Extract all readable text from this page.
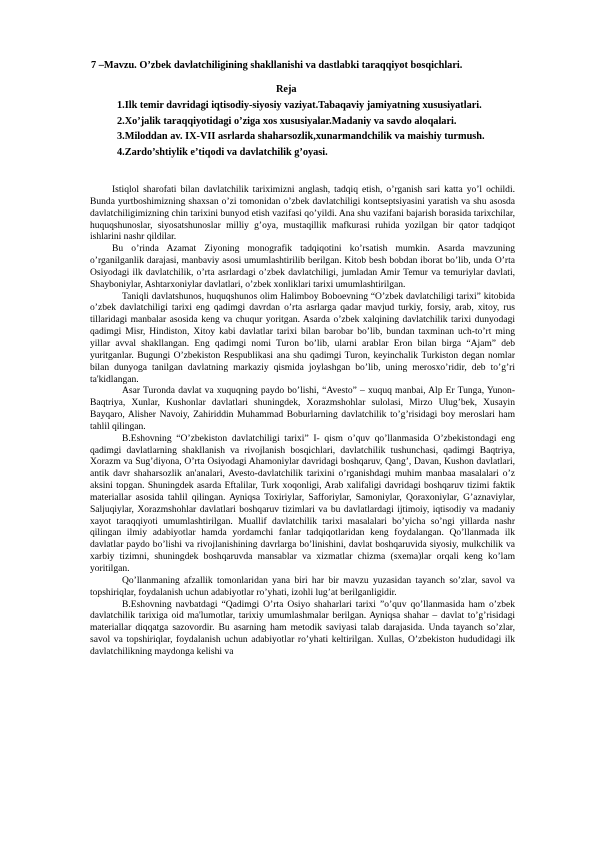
7 –Mavzu. O’zbek davlatchiligining shakllanishi va dastlabki taraqqiyot bosqichlari.
Reja
1.Ilk temir davridagi iqtisodiy-siyosiy vaziyat.Tabaqaviy jamiyatning xususiyatlari.
2.Xo’jalik taraqqiyotidagi o’ziga xos xususiyalar.Madaniy va savdo aloqalari.
3.Miloddan av. IX-VII asrlarda shaharsozlik,xunarmandchilik va maishiy turmush.
4.Zardo’shtiylik e’tiqodi va davlatchilik g’oyasi.

Istiqlol sharofati bilan davlatchilik tariximizni anglash, tadqiq etish, o’rganish sari katta yo’l ochildi. Bunda yurtboshimizning shaxsan o’zi tomonidan o’zbek davlatchiligi kontseptsiyasini yaratish va shu asosda davlatchiligimizning chin tarixini bunyod etish vazifasi qo’yildi. Ana shu vazifani bajarish borasida tarixchilar, huquqshunoslar, siyosatshunoslar milliy g’oya, mustaqillik mafkurasi ruhida yozilgan bir qator tadqiqot ishlarini nashr qildilar.

Bu o’rinda Azamat Ziyoning monografik tadqiqotini ko’rsatish mumkin. Asarda mavzuning o’rganilganlik darajasi, manbaviy asosi umumlashtirilib berilgan. Kitob besh bobdan iborat bo’lib, unda O’rta Osiyodagi ilk davlatchilik, o’rta asrlardagi o’zbek davlatchiligi, jumladan Amir Temur va temuriylar davlati, Shayboniylar, Ashtarxoniylar davlatlari, o’zbek xonliklari tarixi umumlashtirilgan.

Taniqli davlatshunos, huquqshunos olim Halimboy Boboevning “O’zbek davlatchiligi tarixi” kitobida o’zbek davlatchiligi tarixi eng qadimgi davrdan o’rta asrlarga qadar mavjud turkiy, forsiy, arab, xitoy, rus tillaridagi manbalar asosida keng va chuqur yoritgan. Asarda o’zbek xalqining davlatchilik tarixi dunyodagi qadimgi Misr, Hindiston, Xitoy kabi davlatlar tarixi bilan barobar bo’lib, bundan taxminan uch-to’rt ming yillar avval shakllangan. Eng qadimgi nomi Turon bo’lib, ularni arablar Eron bilan birga “Ajam” deb yuritganlar. Bugungi O’zbekiston Respublikasi ana shu qadimgi Turon, keyinchalik Turkiston degan nomlar bilan dunyoga tanilgan davlatning markaziy qismida joylashgan bo’lib, uning merosxo’ridir, deb to’g’ri ta'kidlangan.

Asar Turonda davlat va xuquqning paydo bo’lishi, “Avesto” – xuquq manbai, Alp Er Tunga, Yunon- Baqtriya, Xunlar, Kushonlar davlatlari shuningdek, Xorazmshohlar sulolasi, Mirzo Ulug’bek, Xusayin Bayqaro, Alisher Navoiy, Zahiriddin Muhammad Boburlarning davlatchilik to’g’risidagi boy meroslari ham tahlil qilingan.

B.Eshovning “O’zbekiston davlatchiligi tarixi” I- qism o’quv qo’llanmasida O’zbekistondagi eng qadimgi davlatlarning shakllanish va rivojlanish bosqichlari, davlatchilik tushunchasi, qadimgi Baqtriya, Xorazm va Sug’diyona, O’rta Osiyodagi Ahamoniylar davridagi boshqaruv, Qang’, Davan, Kushon davlatlari, antik davr shaharsozlik an'analari, Avesto-davlatchilik tarixini o’rganishdagi muhim manbaa masalalari o’z aksini topgan. Shuningdek asarda Eftalilar, Turk xoqonligi, Arab xalifaligi davridagi boshqaruv tizimi faktik materiallar asosida tahlil qilingan. Ayniqsa Toxiriylar, Safforiylar, Samoniylar, Qoraxoniylar, G’aznaviylar, Saljuqiylar, Xorazmshohlar davlatlari boshqaruv tizimlari va bu davlatlardagi ijtimoiy, iqtisodiy va madaniy xayot taraqqiyoti umumlashtirilgan. Muallif davlatchilik tarixi masalalari bo’yicha so’ngi yillarda nashr qilingan ilmiy adabiyotlar hamda yordamchi fanlar tadqiqotlaridan keng foydalangan. Qo’llanmada ilk davlatlar paydo bo’lishi va rivojlanishining davrlarga bo’linishini, davlat boshqaruvida siyosiy, mulkchilik va xarbiy tizimni, shuningdek boshqaruvda mansablar va xizmatlar chizma (sxema)lar orqali keng ko’lam yoritilgan.

Qo’llanmaning afzallik tomonlaridan yana biri har bir mavzu yuzasidan tayanch so’zlar, savol va topshiriqlar, foydalanish uchun adabiyotlar ro’yhati, izohli lug’at berilganligidir.

B.Eshovning navbatdagi “Qadimgi O’rta Osiyo shaharlari tarixi ”o’quv qo’llanmasida ham o’zbek davlatchilik tarixiga oid ma'lumotlar, tarixiy umumlashmalar berilgan. Ayniqsa shahar – davlat to’g’risidagi materiallar diqqatga sazovordir. Bu asarning ham metodik saviyasi talab darajasida. Unda tayanch so’zlar, savol va topshiriqlar, foydalanish uchun adabiyotlar ro’yhati keltirilgan. Xullas, O’zbekiston hududidagi ilk davlatchilikning maydonga kelishi va
